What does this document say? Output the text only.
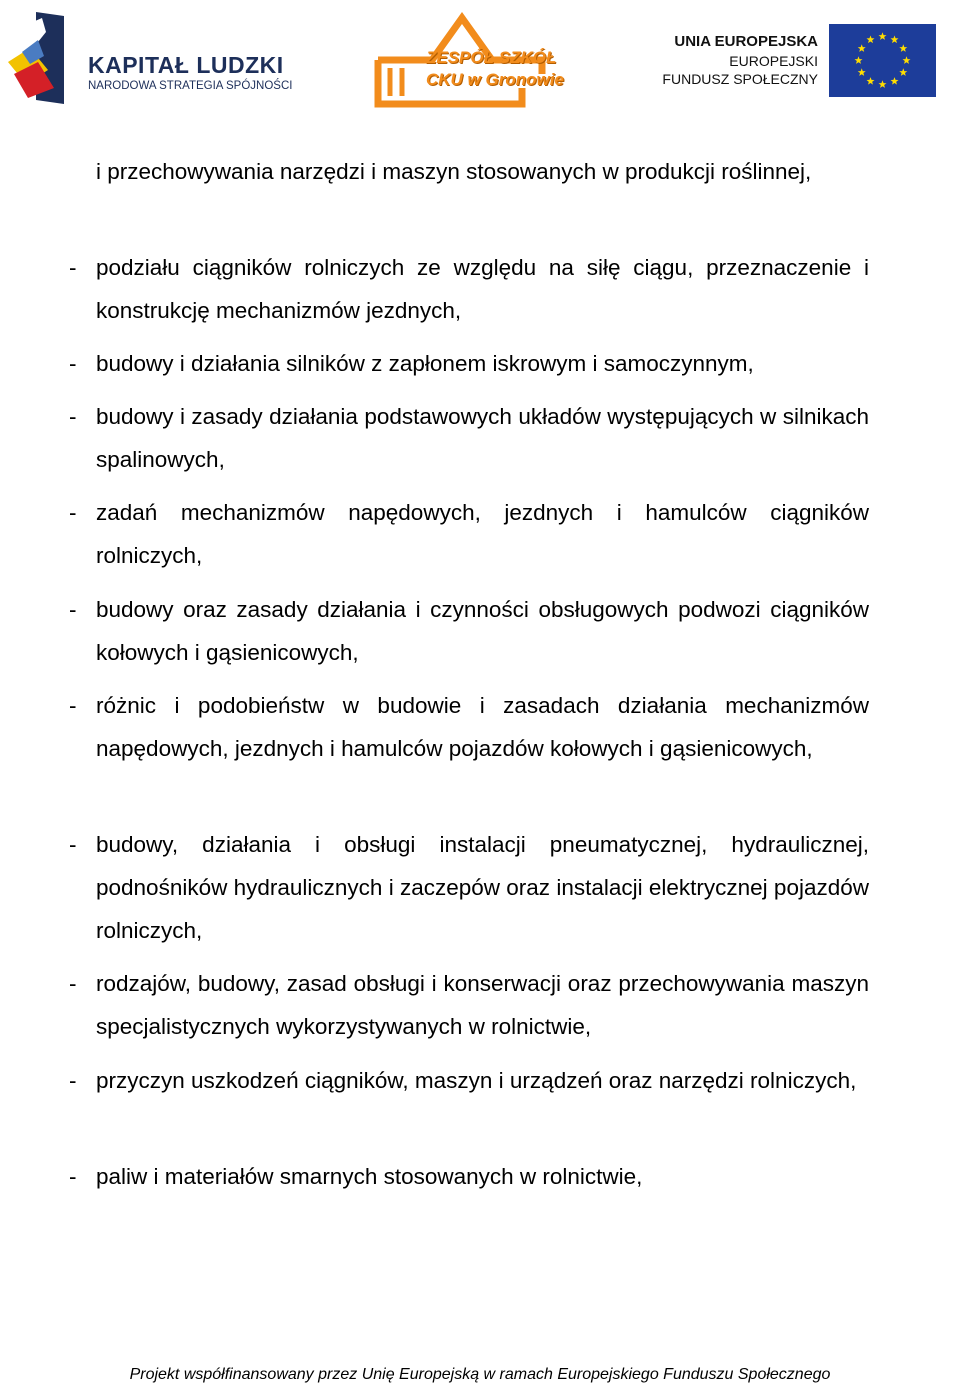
KAPITAŁ LUDZKI
NARODOWA STRATEGIA SPÓJNOŚCI
ZESPÓŁ SZKÓŁ
CKU w Gronowie
UNIA EUROPEJSKA
EUROPEJSKI
FUNDUSZ SPOŁECZNY
i przechowywania narzędzi i maszyn stosowanych w produkcji roślinnej,
- podziału ciągników rolniczych ze względu na siłę ciągu, przeznaczenie i konstrukcję mechanizmów jezdnych,
- budowy i działania silników z zapłonem iskrowym i samoczynnym,
- budowy i zasady działania podstawowych układów występujących w silnikach spalinowych,
- zadań mechanizmów napędowych, jezdnych i hamulców ciągników rolniczych,
- budowy oraz zasady działania i czynności obsługowych podwozi ciągników kołowych i gąsienicowych,
- różnic i podobieństw w budowie i zasadach działania mechanizmów napędowych, jezdnych i hamulców pojazdów kołowych i gąsienicowych,
- budowy, działania i obsługi instalacji pneumatycznej, hydraulicznej, podnośników hydraulicznych i zaczepów oraz instalacji elektrycznej pojazdów rolniczych,
- rodzajów, budowy, zasad obsługi i konserwacji oraz przechowywania maszyn specjalistycznych wykorzystywanych w rolnictwie,
- przyczyn uszkodzeń ciągników, maszyn i urządzeń oraz narzędzi rolniczych,
- paliw i materiałów smarnych stosowanych w rolnictwie,
Projekt współfinansowany przez Unię Europejską w ramach Europejskiego Funduszu Społecznego
